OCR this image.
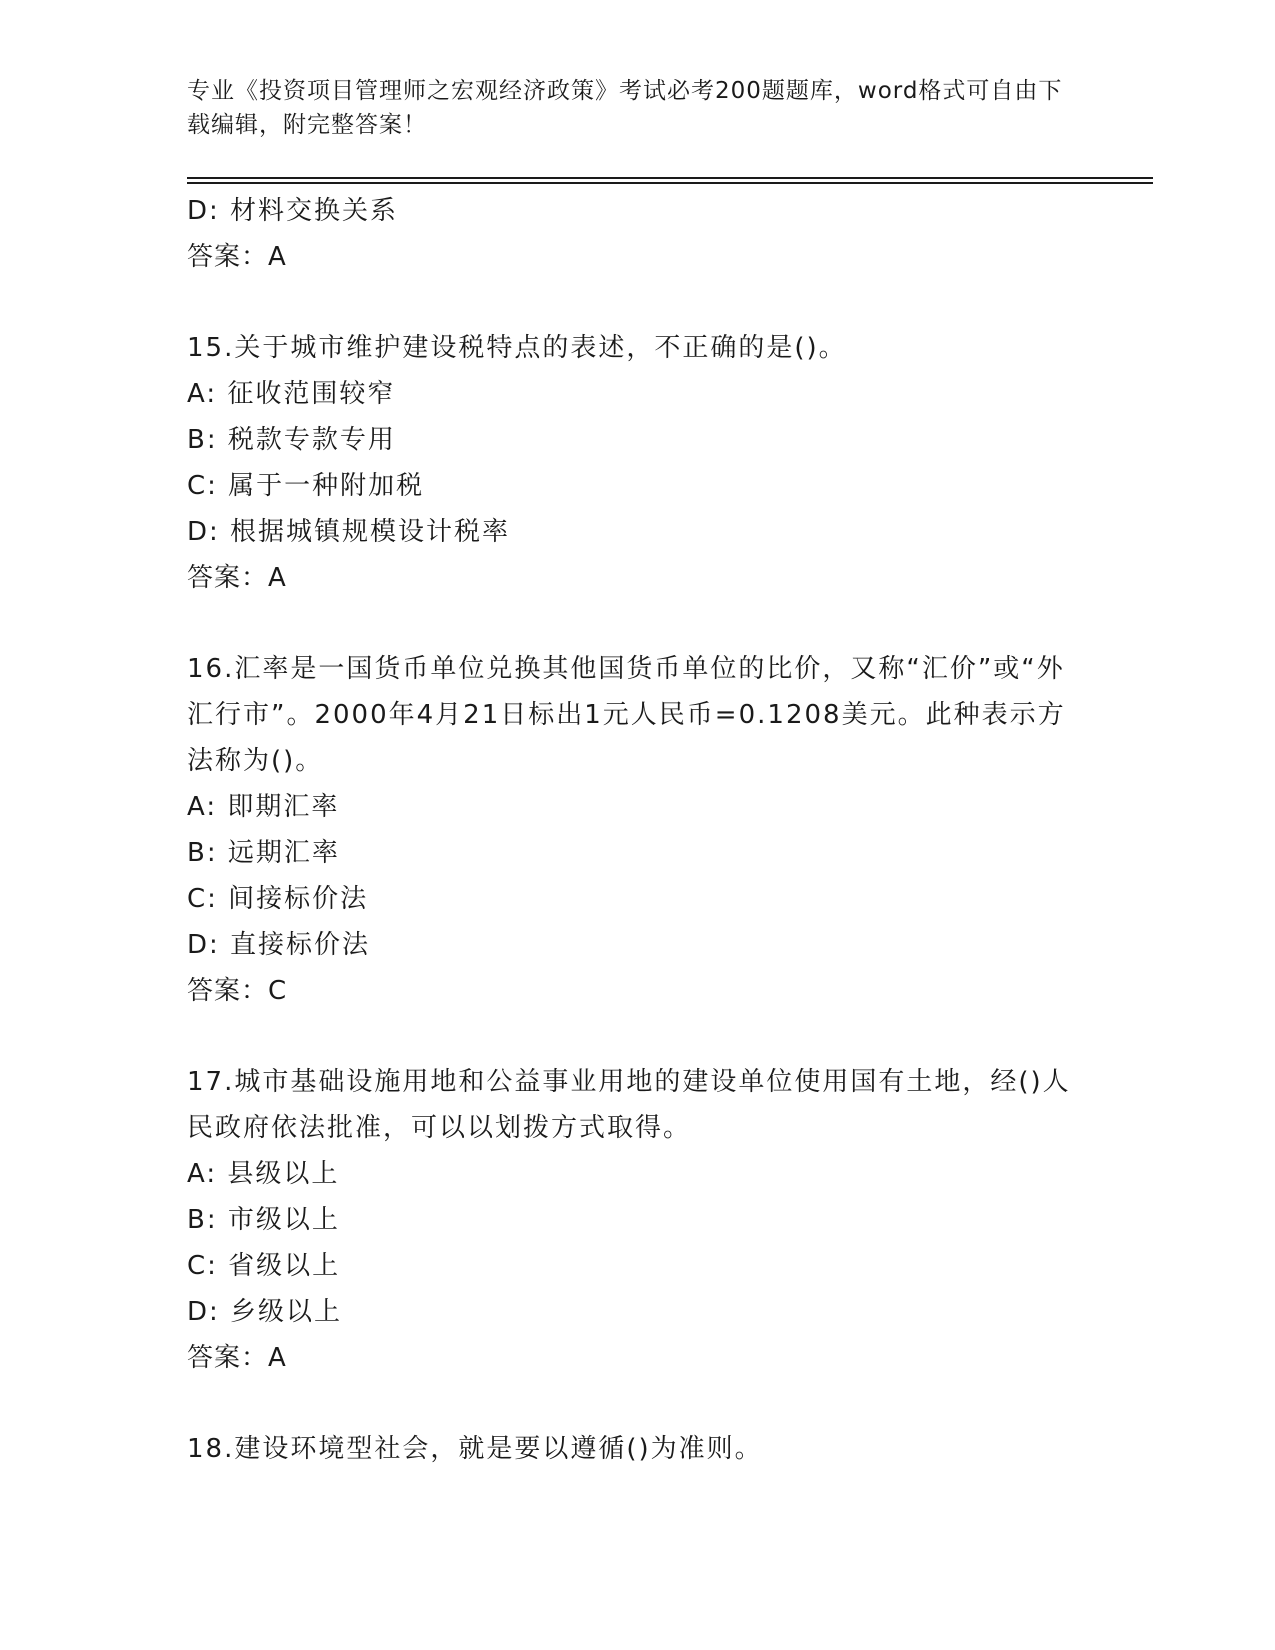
专业《投资项目管理师之宏观经济政策》考试必考200题题库，word格式可自由下载编辑，附完整答案！
D: 材料交换关系
答案：A
15.关于城市维护建设税特点的表述，不正确的是()。
A: 征收范围较窄
B: 税款专款专用
C: 属于一种附加税
D: 根据城镇规模设计税率
答案：A
16.汇率是一国货币单位兑换其他国货币单位的比价，又称“汇价”或“外汇行市”。2000年4月21日标出1元人民币=0.1208美元。此种表示方法称为()。
A: 即期汇率
B: 远期汇率
C: 间接标价法
D: 直接标价法
答案：C
17.城市基础设施用地和公益事业用地的建设单位使用国有土地，经()人民政府依法批准，可以以划拨方式取得。
A: 县级以上
B: 市级以上
C: 省级以上
D: 乡级以上
答案：A
18.建设环境型社会，就是要以遵循()为准则。
